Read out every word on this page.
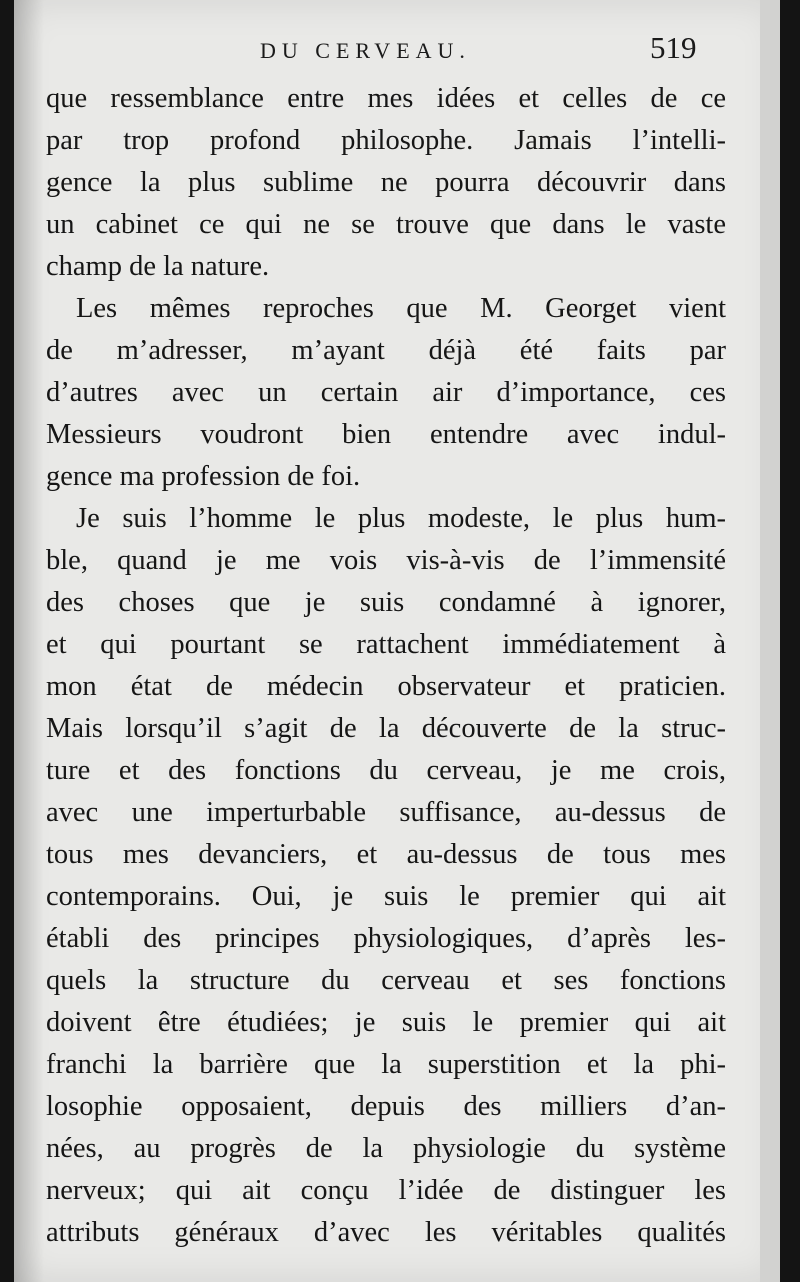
DU CERVEAU.	519
que ressemblance entre mes idées et celles de ce
par trop profond philosophe. Jamais l’intelli-
gence la plus sublime ne pourra découvrir dans
un cabinet ce qui ne se trouve que dans le vaste
champ de la nature.
Les mêmes reproches que M. Georget vient
de m’adresser, m’ayant déjà été faits par
d’autres avec un certain air d’importance, ces
Messieurs voudront bien entendre avec indul-
gence ma profession de foi.
Je suis l’homme le plus modeste, le plus hum-
ble, quand je me vois vis-à-vis de l’immensité
des choses que je suis condamné à ignorer,
et qui pourtant se rattachent immédiatement à
mon état de médecin observateur et praticien.
Mais lorsqu’il s’agit de la découverte de la struc-
ture et des fonctions du cerveau, je me crois,
avec une imperturbable suffisance, au-dessus de
tous mes devanciers, et au-dessus de tous mes
contemporains. Oui, je suis le premier qui ait
établi des principes physiologiques, d’après les-
quels la structure du cerveau et ses fonctions
doivent être étudiées; je suis le premier qui ait
franchi la barrière que la superstition et la phi-
losophie opposaient, depuis des milliers d’an-
nées, au progrès de la physiologie du système
nerveux; qui ait conçu l’idée de distinguer les
attributs généraux d’avec les véritables qualités
